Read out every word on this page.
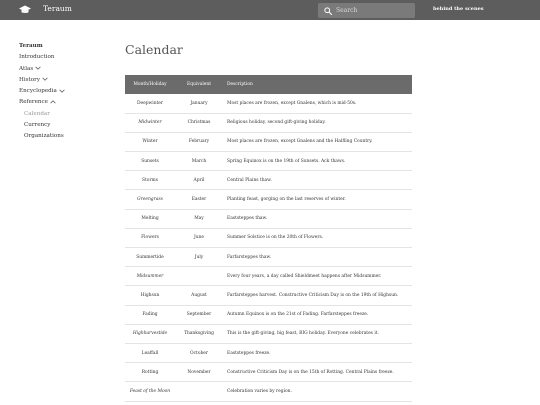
Teraum
Search	behind the scenes
Teraum
Introduction
Atlas
History
Encyclopedia
Reference
Calendar
Currency
Organizations
Calendar
Month/Holiday	Equivalent	Description
Deepwinter	January	Most places are frozen, except Gnalens, which is mid-50s.
Midwinter	Christmas	Religious holiday, second gift-giving holiday.
Winter	February	Most places are frozen, except Gnalens and the Halfling Country.
Sunsets	March	Spring Equinox is on the 19th of Sunsets. Ack thaws.
Storms	April	Central Plains thaw.
Greengrass	Easter	Planting feast, gorging on the last reserves of winter.
Melting	May	Eaststeppes thaw.
Flowers	June	Summer Solstice is on the 20th of Flowers.
Summertide	July	Farfarsteppes thaw.
Midsummer		Every four years, a day called Shieldmeet happens after Midsummer.
Highsun	August	Farfarsteppes harvest. Constructive Criticism Day is on the 19th of Highsun.
Fading	September	Autumn Equinox is on the 21st of Fading. Farfarsteppes freeze.
Highharvestide	Thanksgiving	This is the gift-giving, big feast, BIG holiday. Everyone celebrates it.
Leaffall	October	Eaststeppes freeze.
Rotting	November	Constructive Criticism Day is on the 15th of Rotting. Central Plains freeze.
Feast of the Moon		Celebration varies by region.
